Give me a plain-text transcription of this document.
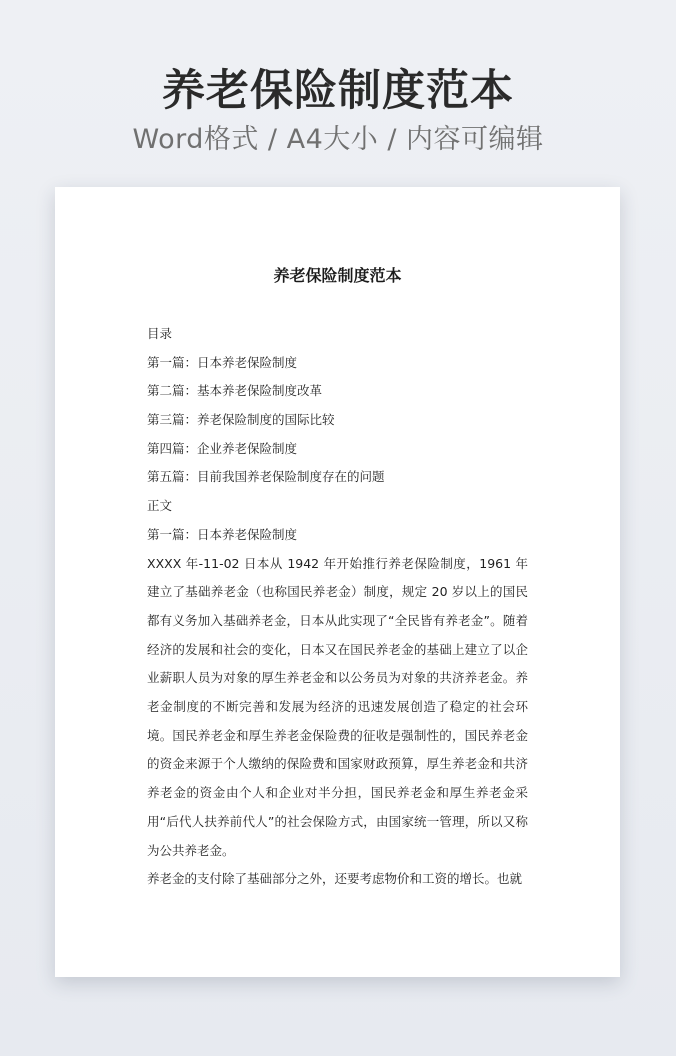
养老保险制度范本
Word格式 / A4大小 / 内容可编辑
养老保险制度范本
目录
第一篇：日本养老保险制度
第二篇：基本养老保险制度改革
第三篇：养老保险制度的国际比较
第四篇：企业养老保险制度
第五篇：目前我国养老保险制度存在的问题
正文
第一篇：日本养老保险制度

XXXX 年-11-02 日本从 1942 年开始推行养老保险制度，1961 年建立了基础养老金（也称国民养老金）制度，规定 20 岁以上的国民都有义务加入基础养老金，日本从此实现了“全民皆有养老金”。随着经济的发展和社会的变化，日本又在国民养老金的基础上建立了以企业薪职人员为对象的厚生养老金和以公务员为对象的共济养老金。养老金制度的不断完善和发展为经济的迅速发展创造了稳定的社会环境。国民养老金和厚生养老金保险费的征收是强制性的，国民养老金的资金来源于个人缴纳的保险费和国家财政预算，厚生养老金和共济养老金的资金由个人和企业对半分担，国民养老金和厚生养老金采用“后代人扶养前代人”的社会保险方式，由国家统一管理，所以又称为公共养老金。

养老金的支付除了基础部分之外，还要考虑物价和工资的增长。也就
